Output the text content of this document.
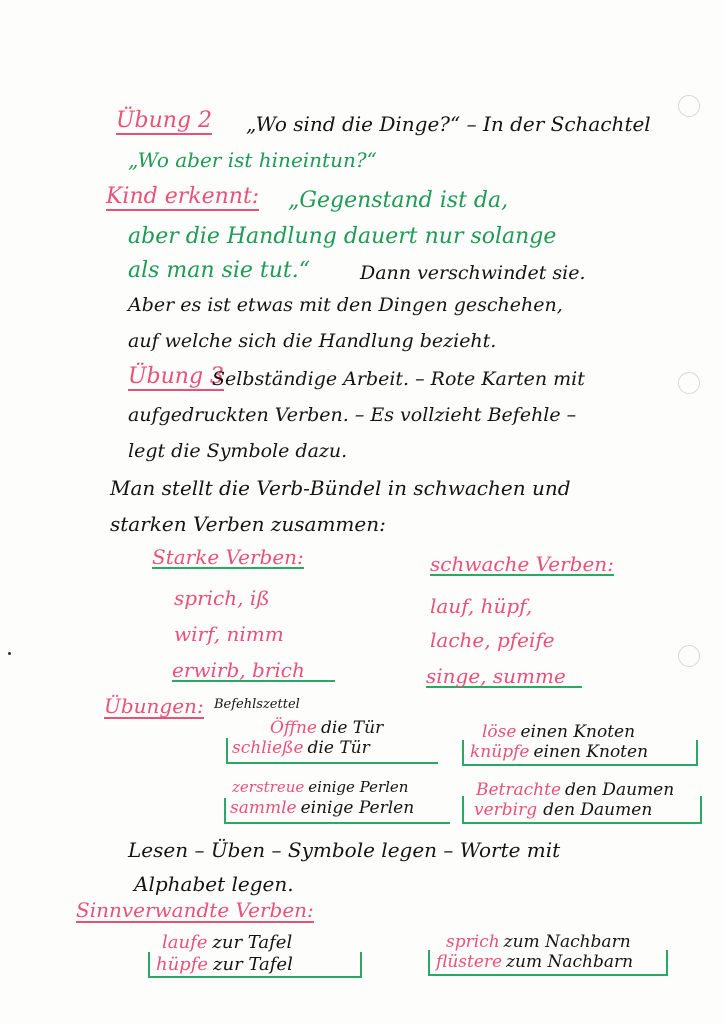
Übung 2 „Wo sind die Dinge?“ – In der Schachtel
„Wo aber ist hineintun?“
Kind erkennt: „Gegenstand ist da,
aber die Handlung dauert nur solange
als man sie tut.“	Dann verschwindet sie.
Aber es ist etwas mit den Dingen geschehen,
auf welche sich die Handlung bezieht.
Übung 3
Selbständige Arbeit. – Rote Karten mit
aufgedruckten Verben. – Es vollzieht Befehle –
legt die Symbole dazu.
Man stellt die Verb-Bündel in schwachen und
starken Verben zusammen:
Starke Verben:
sprich, iß
wirf, nimm
erwirb, brich
schwache Verben:
lauf, hüpf,
lache, pfeife
singe, summe
Übungen: Befehlszettel
Öffne die Tür
schließe die Tür
löse einen Knoten
knüpfe einen Knoten
zerstreue einige Perlen
sammle einige Perlen
Betrachte den Daumen
verbirg den Daumen
Lesen – Üben – Symbole legen – Worte mit
Alphabet legen.
Sinnverwandte Verben:
laufe zur Tafel
hüpfe zur Tafel
sprich zum Nachbarn
flüstere zum Nachbarn
